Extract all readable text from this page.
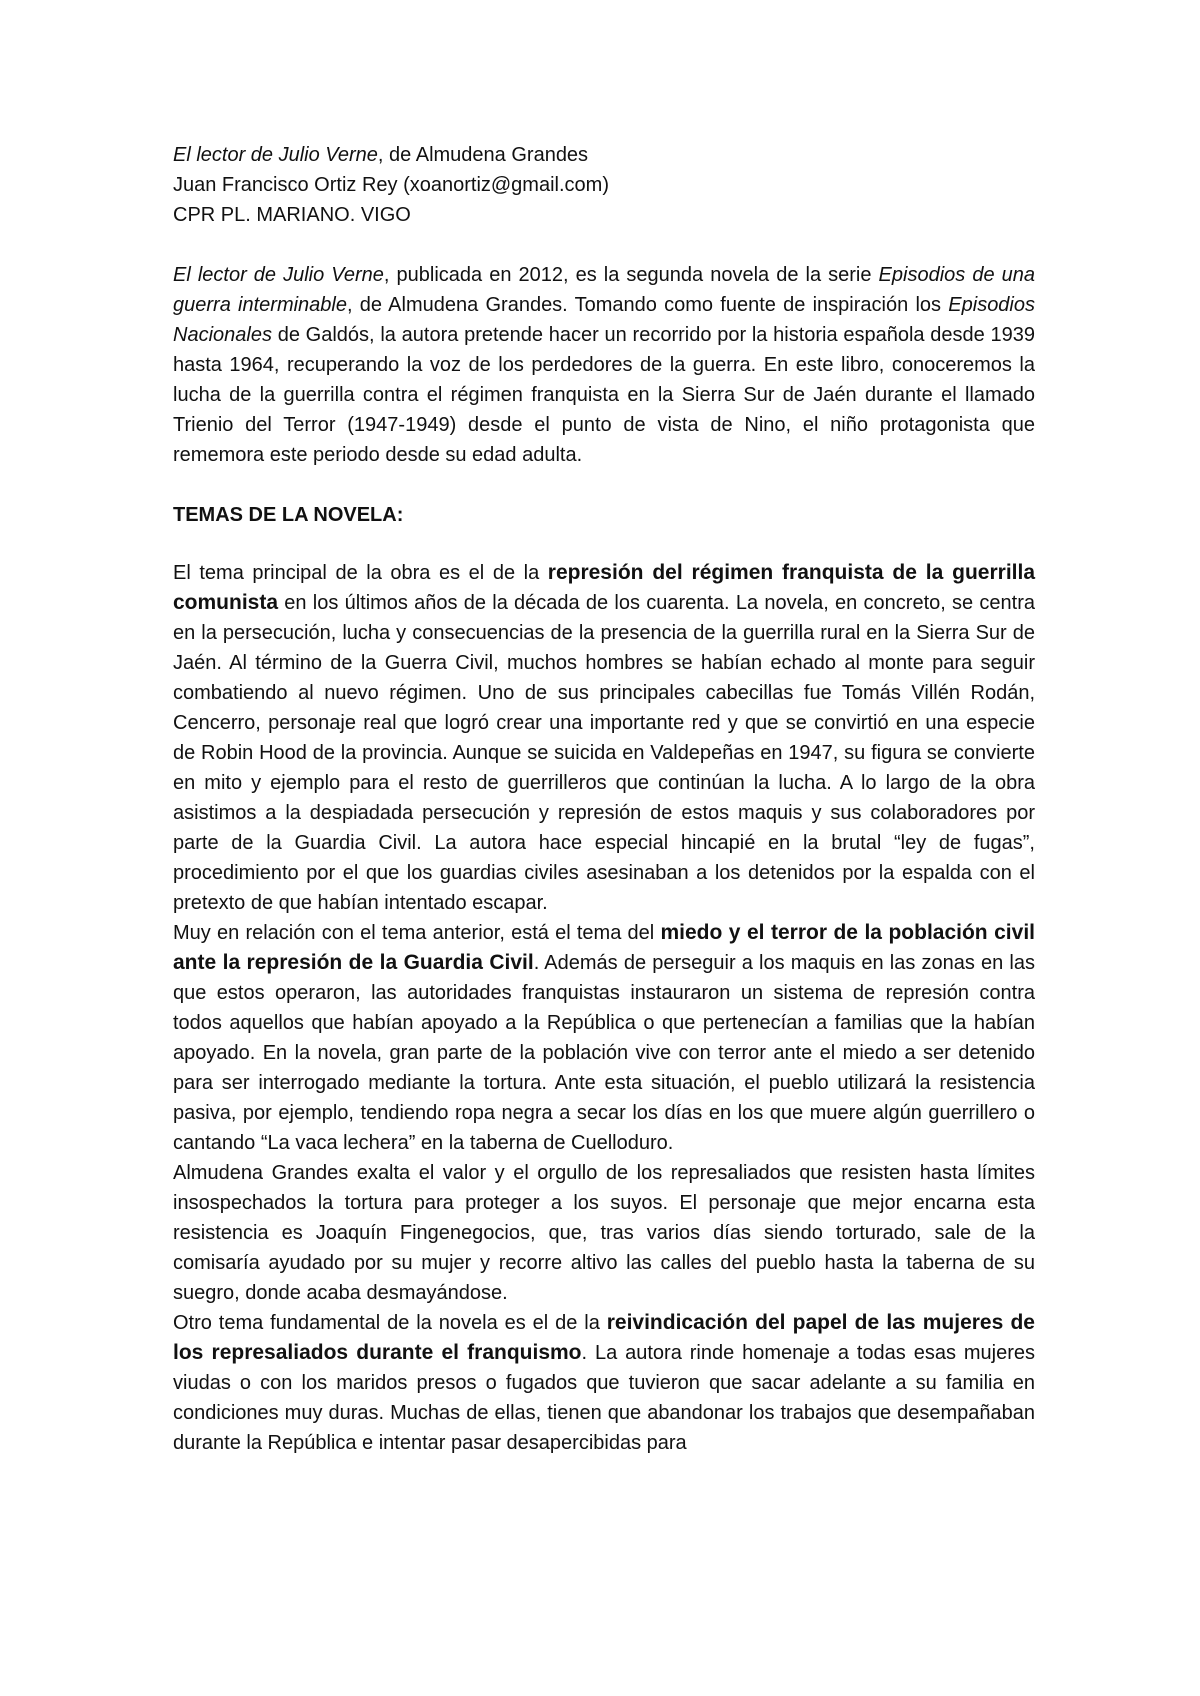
El lector de Julio Verne, de Almudena Grandes

Juan Francisco Ortiz Rey (xoanortiz@gmail.com)

CPR PL. MARIANO. VIGO

El lector de Julio Verne, publicada en 2012, es la segunda novela de la serie Episodios de una guerra interminable, de Almudena Grandes. Tomando como fuente de inspiración los Episodios Nacionales de Galdós, la autora pretende hacer un recorrido por la historia española desde 1939 hasta 1964, recuperando la voz de los perdedores de la guerra. En este libro, conoceremos la lucha de la guerrilla contra el régimen franquista en la Sierra Sur de Jaén durante el llamado Trienio del Terror (1947-1949) desde el punto de vista de Nino, el niño protagonista que rememora este periodo desde su edad adulta.

TEMAS DE LA NOVELA:

El tema principal de la obra es el de la represión del régimen franquista de la guerrilla comunista en los últimos años de la década de los cuarenta. La novela, en concreto, se centra en la persecución, lucha y consecuencias de la presencia de la guerrilla rural en la Sierra Sur de Jaén. Al término de la Guerra Civil, muchos hombres se habían echado al monte para seguir combatiendo al nuevo régimen. Uno de sus principales cabecillas fue Tomás Villén Rodán, Cencerro, personaje real que logró crear una importante red y que se convirtió en una especie de Robin Hood de la provincia. Aunque se suicida en Valdepeñas en 1947, su figura se convierte en mito y ejemplo para el resto de guerrilleros que continúan la lucha. A lo largo de la obra asistimos a la despiadada persecución y represión de estos maquis y sus colaboradores por parte de la Guardia Civil. La autora hace especial hincapié en la brutal “ley de fugas”, procedimiento por el que los guardias civiles asesinaban a los detenidos por la espalda con el pretexto de que habían intentado escapar.

Muy en relación con el tema anterior, está el tema del miedo y el terror de la población civil ante la represión de la Guardia Civil. Además de perseguir a los maquis en las zonas en las que estos operaron, las autoridades franquistas instauraron un sistema de represión contra todos aquellos que habían apoyado a la República o que pertenecían a familias que la habían apoyado. En la novela, gran parte de la población vive con terror ante el miedo a ser detenido para ser interrogado mediante la tortura. Ante esta situación, el pueblo utilizará la resistencia pasiva, por ejemplo, tendiendo ropa negra a secar los días en los que muere algún guerrillero o cantando “La vaca lechera” en la taberna de Cuelloduro.

Almudena Grandes exalta el valor y el orgullo de los represaliados que resisten hasta límites insospechados la tortura para proteger a los suyos. El personaje que mejor encarna esta resistencia es Joaquín Fingenegocios, que, tras varios días siendo torturado, sale de la comisaría ayudado por su mujer y recorre altivo las calles del pueblo hasta la taberna de su suegro, donde acaba desmayándose.

Otro tema fundamental de la novela es el de la reivindicación del papel de las mujeres de los represaliados durante el franquismo. La autora rinde homenaje a todas esas mujeres viudas o con los maridos presos o fugados que tuvieron que sacar adelante a su familia en condiciones muy duras. Muchas de ellas, tienen que abandonar los trabajos que desempañaban durante la República e intentar pasar desapercibidas para
